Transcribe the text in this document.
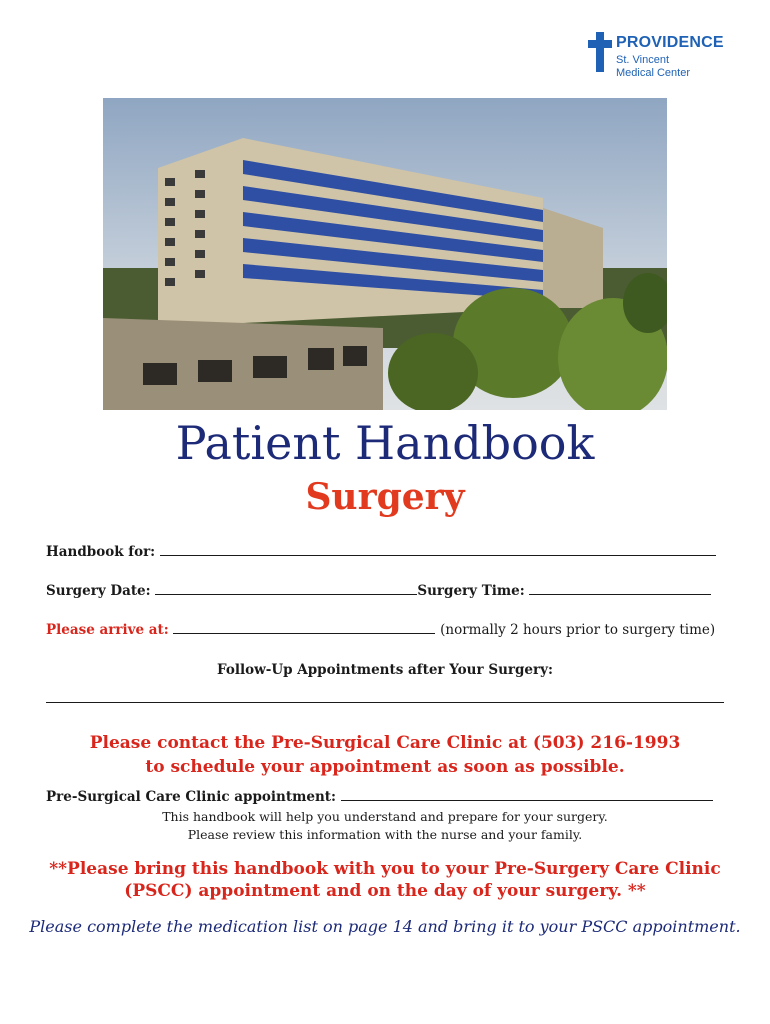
PROVIDENCE
St. Vincent
Medical Center
Patient Handbook
Surgery
Handbook for:
Surgery Date:	Surgery Time:
Please arrive at:	(normally 2 hours prior to surgery time)
Follow-Up Appointments after Your Surgery:
Please contact the Pre-Surgical Care Clinic at (503) 216-1993
to schedule your appointment as soon as possible.
Pre-Surgical Care Clinic appointment:
This handbook will help you understand and prepare for your surgery.
Please review this information with the nurse and your family.
**Please bring this handbook with you to your Pre-Surgery Care Clinic
(PSCC) appointment and on the day of your surgery. **
Please complete the medication list on page 14 and bring it to your PSCC appointment.
